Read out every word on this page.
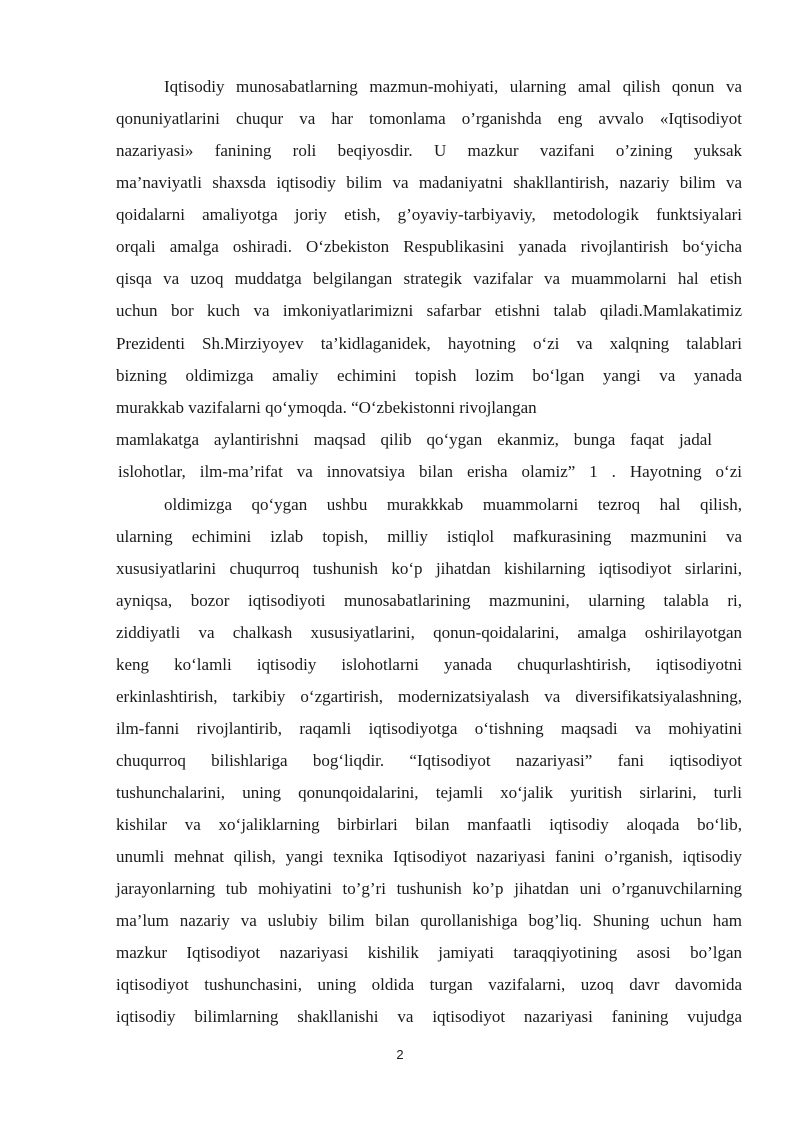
Iqtisodiy munosabatlarning mazmun-mohiyati, ularning amal qilish qonun va
qonuniyatlarini chuqur va har tomonlama o’rganishda eng avvalo «Iqtisodiyot
nazariyasi» fanining roli beqiyosdir. U mazkur vazifani o’zining yuksak
ma’naviyatli shaxsda iqtisodiy bilim va madaniyatni shakllantirish, nazariy bilim va
qoidalarni amaliyotga joriy etish, g’oyaviy-tarbiyaviy, metodologik funktsiyalari
orqali amalga oshiradi. O‘zbekiston Respublikasini yanada rivojlantirish bo‘yicha
qisqa va uzoq muddatga belgilangan strategik vazifalar va muammolarni hal etish
uchun bor kuch va imkoniyatlarimizni safarbar etishni talab qiladi.Mamlakatimiz
Prezidenti Sh.Mirziyoyev ta’kidlaganidek, hayotning o‘zi va xalqning talablari
bizning oldimizga amaliy echimini topish lozim bo‘lgan yangi va yanada
murakkab vazifalarni qo‘ymoqda. “O‘zbekistonni rivojlangan
mamlakatga aylantirishni maqsad qilib qo‘ygan ekanmiz, bunga faqat jadal
islohotlar, ilm-ma’rifat va innovatsiya bilan erisha olamiz” 1 . Hayotning o‘zi
oldimizga qo‘ygan ushbu murakkkab muammolarni tezroq hal qilish,
ularning echimini izlab topish, milliy istiqlol mafkurasining mazmunini va
xususiyatlarini chuqurroq tushunish ko‘p jihatdan kishilarning iqtisodiyot sirlarini,
ayniqsa, bozor iqtisodiyoti munosabatlarining mazmunini, ularning talabla ri,
ziddiyatli va chalkash xususiyatlarini, qonun-qoidalarini, amalga oshirilayotgan
keng ko‘lamli iqtisodiy islohotlarni yanada chuqurlashtirish, iqtisodiyotni
erkinlashtirish, tarkibiy o‘zgartirish, modernizatsiyalash va diversifikatsiyalashning,
ilm-fanni rivojlantirib, raqamli iqtisodiyotga o‘tishning maqsadi va mohiyatini
chuqurroq bilishlariga bog‘liqdir. “Iqtisodiyot nazariyasi” fani iqtisodiyot
tushunchalarini, uning qonunqoidalarini, tejamli xo‘jalik yuritish sirlarini, turli
kishilar va xo‘jaliklarning birbirlari bilan manfaatli iqtisodiy aloqada bo‘lib,
unumli mehnat qilish, yangi texnika Iqtisodiyot nazariyasi fanini o’rganish, iqtisodiy
jarayonlarning tub mohiyatini to’g’ri tushunish ko’p jihatdan uni o’rganuvchilarning
ma’lum nazariy va uslubiy bilim bilan qurollanishiga bog’liq. Shuning uchun ham
mazkur Iqtisodiyot nazariyasi kishilik jamiyati taraqqiyotining asosi bo’lgan
iqtisodiyot tushunchasini, uning oldida turgan vazifalarni, uzoq davr davomida
iqtisodiy bilimlarning shakllanishi va iqtisodiyot nazariyasi fanining vujudga
2
